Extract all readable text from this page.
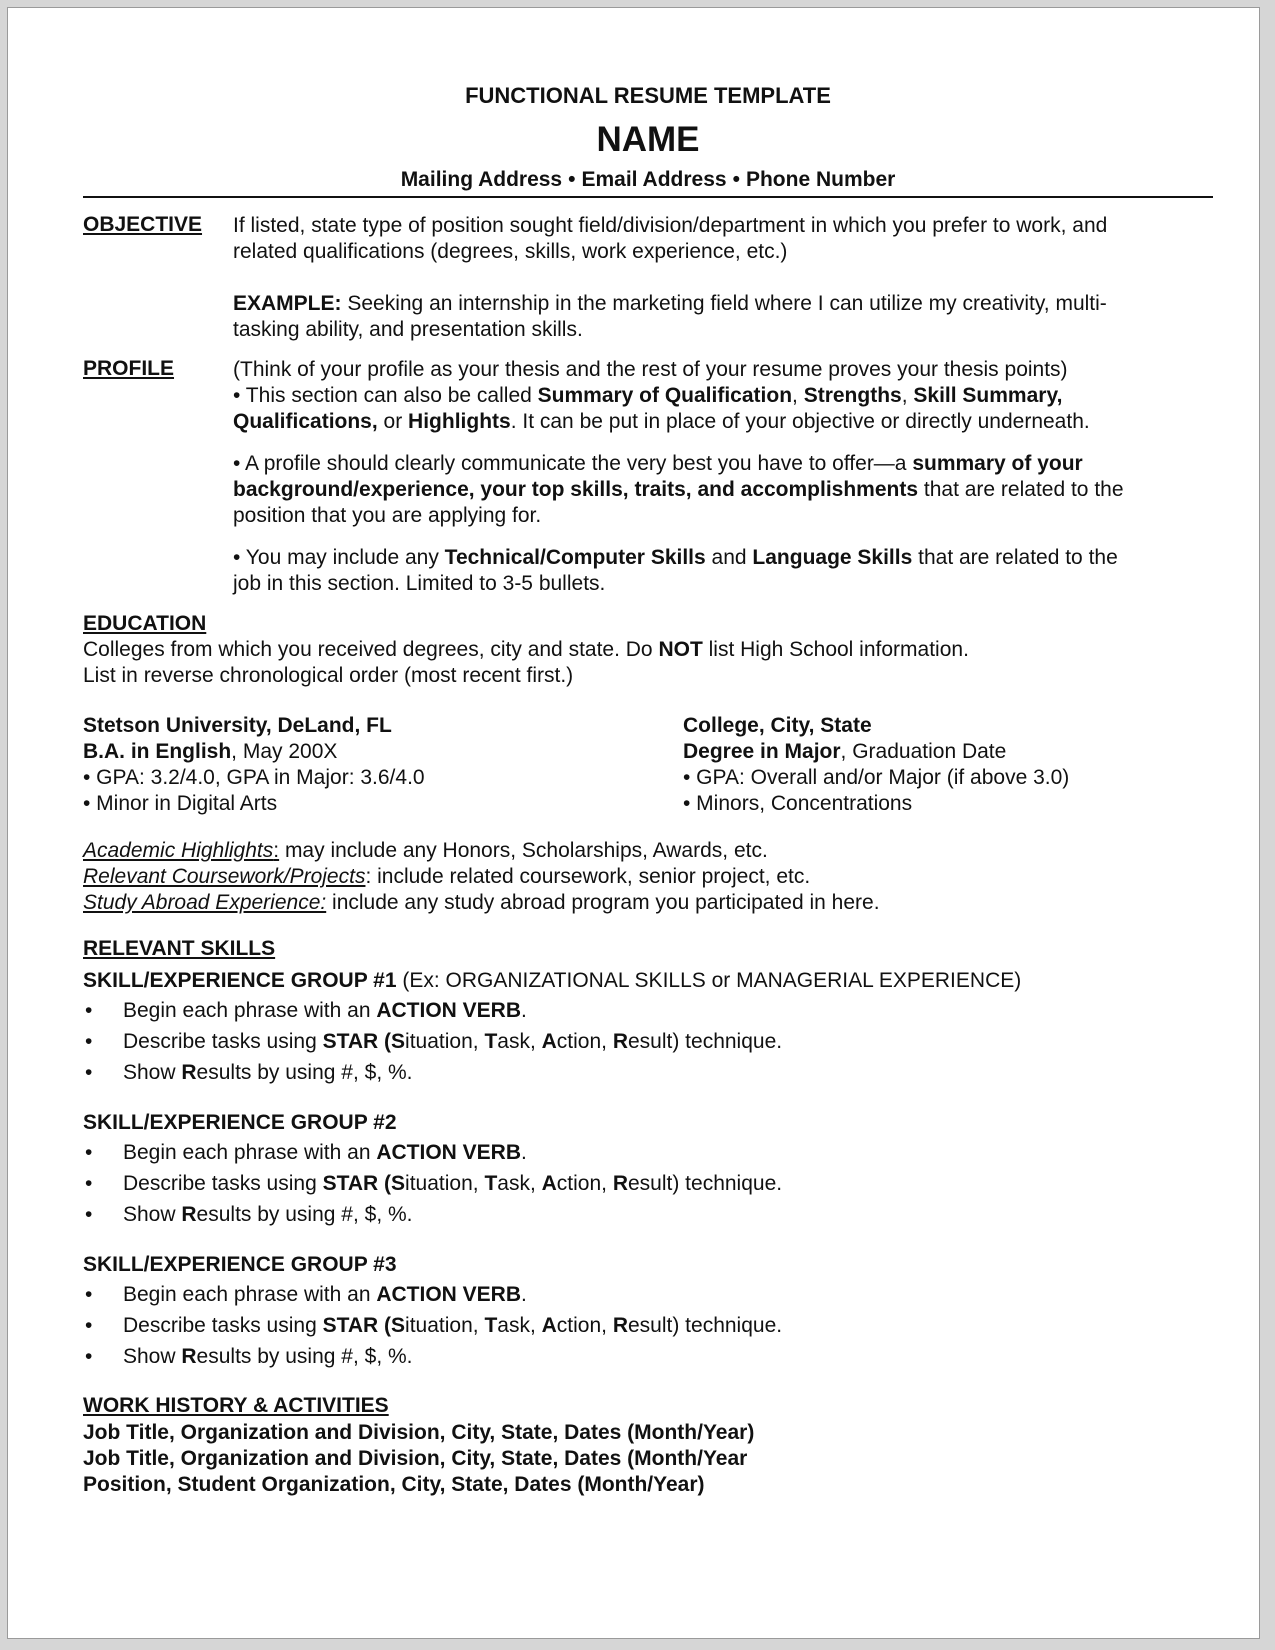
FUNCTIONAL RESUME TEMPLATE
NAME
Mailing Address • Email Address • Phone Number
OBJECTIVE If listed, state type of position sought field/division/department in which you prefer to work, and
related qualifications (degrees, skills, work experience, etc.)
EXAMPLE: Seeking an internship in the marketing field where I can utilize my creativity, multi-
tasking ability, and presentation skills.
PROFILE	(Think of your profile as your thesis and the rest of your resume proves your thesis points)
• This section can also be called Summary of Qualification, Strengths, Skill Summary,
Qualifications, or Highlights. It can be put in place of your objective or directly underneath.
• A profile should clearly communicate the very best you have to offer—a summary of your
background/experience, your top skills, traits, and accomplishments that are related to the
position that you are applying for.
• You may include any Technical/Computer Skills and Language Skills that are related to the
job in this section. Limited to 3-5 bullets.
EDUCATION
Colleges from which you received degrees, city and state. Do NOT list High School information.
List in reverse chronological order (most recent first.)
Stetson University, DeLand, FL
B.A. in English, May 200X
• GPA: 3.2/4.0, GPA in Major: 3.6/4.0
• Minor in Digital Arts
College, City, State
Degree in Major, Graduation Date
• GPA: Overall and/or Major (if above 3.0)
• Minors, Concentrations
Academic Highlights: may include any Honors, Scholarships, Awards, etc.
Relevant Coursework/Projects: include related coursework, senior project, etc.
Study Abroad Experience: include any study abroad program you participated in here.
RELEVANT SKILLS
SKILL/EXPERIENCE GROUP #1 (Ex: ORGANIZATIONAL SKILLS or MANAGERIAL EXPERIENCE)
• Begin each phrase with an ACTION VERB.
• Describe tasks using STAR (Situation, Task, Action, Result) technique.
• Show Results by using #, $, %.
SKILL/EXPERIENCE GROUP #2
• Begin each phrase with an ACTION VERB.
• Describe tasks using STAR (Situation, Task, Action, Result) technique.
• Show Results by using #, $, %.
SKILL/EXPERIENCE GROUP #3
• Begin each phrase with an ACTION VERB.
• Describe tasks using STAR (Situation, Task, Action, Result) technique.
• Show Results by using #, $, %.
WORK HISTORY & ACTIVITIES
Job Title, Organization and Division, City, State, Dates (Month/Year)
Job Title, Organization and Division, City, State, Dates (Month/Year
Position, Student Organization, City, State, Dates (Month/Year)
